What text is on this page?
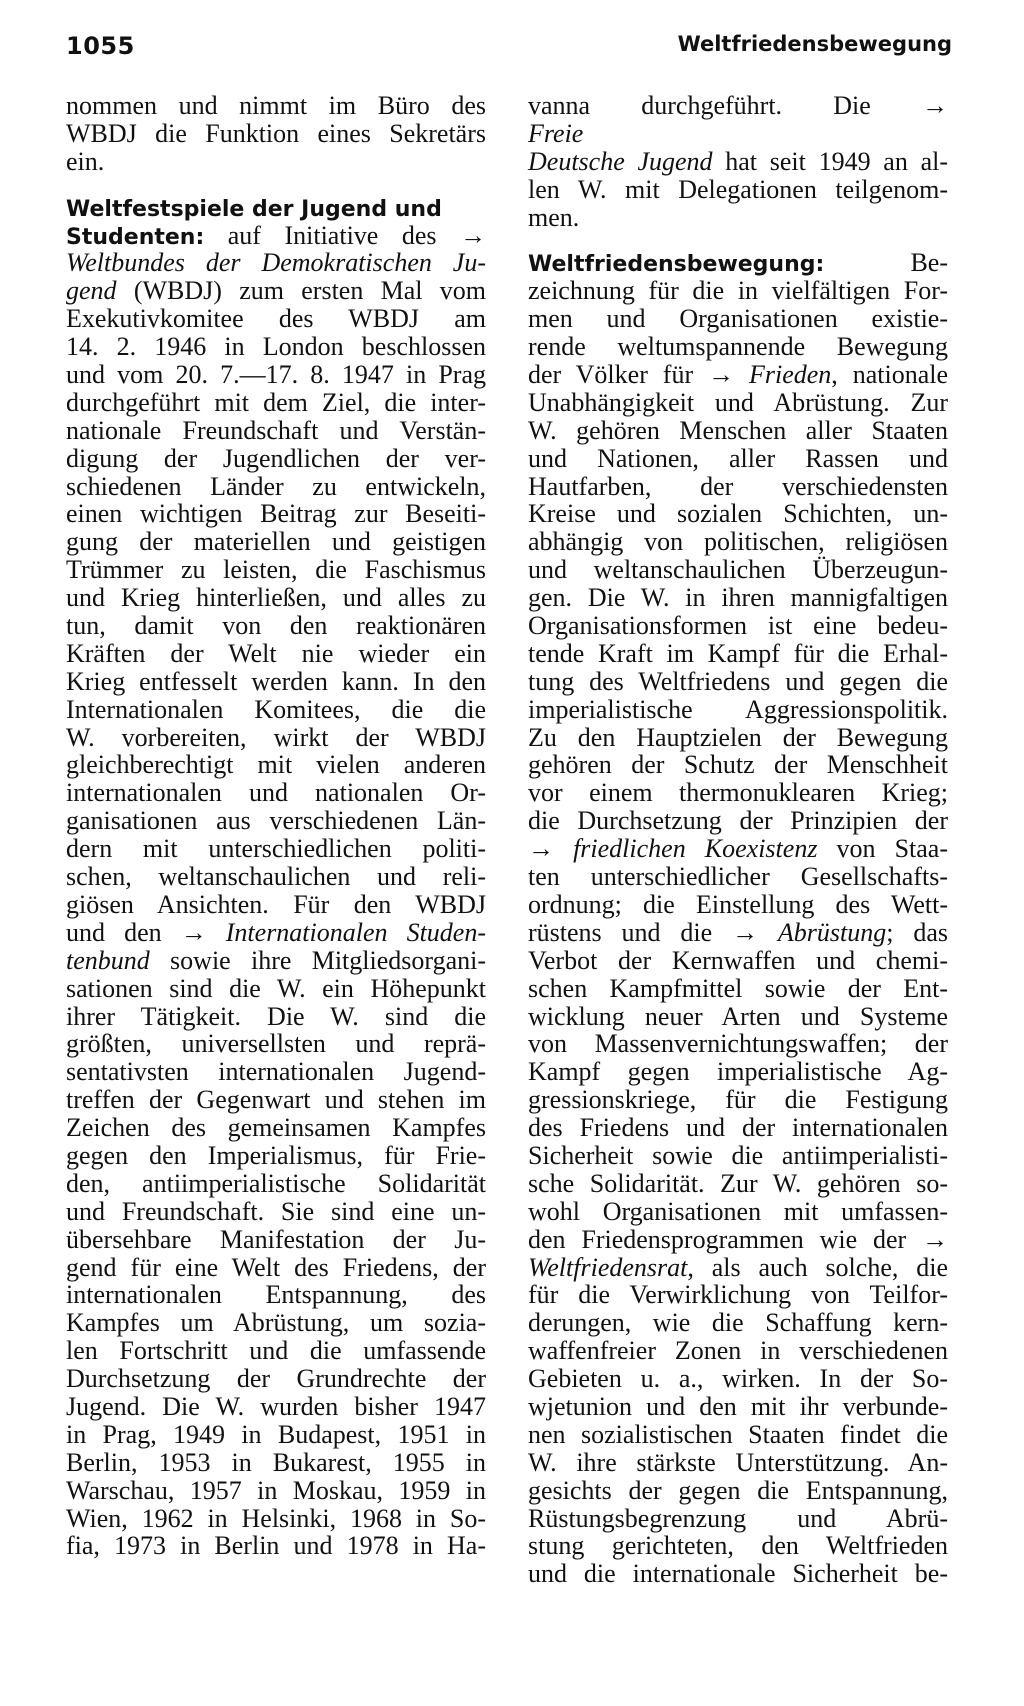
1055	Weltfriedensbewegung
nommen und nimmt im Büro des
WBDJ die Funktion eines Sekretärs
ein.
Weltfestspiele der Jugend und
Studenten: auf Initiative des →
Weltbundes der Demokratischen Ju-
gend (WBDJ) zum ersten Mal vom
Exekutivkomitee des WBDJ am
14. 2. 1946 in London beschlossen
und vom 20. 7.—17. 8. 1947 in Prag
durchgeführt mit dem Ziel, die inter-
nationale Freundschaft und Verstän-
digung der Jugendlichen der ver-
schiedenen Länder zu entwickeln,
einen wichtigen Beitrag zur Beseiti-
gung der materiellen und geistigen
Trümmer zu leisten, die Faschismus
und Krieg hinterließen, und alles zu
tun, damit von den reaktionären
Kräften der Welt nie wieder ein
Krieg entfesselt werden kann. In den
Internationalen Komitees, die die
W. vorbereiten, wirkt der WBDJ
gleichberechtigt mit vielen anderen
internationalen und nationalen Or-
ganisationen aus verschiedenen Län-
dern mit unterschiedlichen politi-
schen, weltanschaulichen und reli-
giösen Ansichten. Für den WBDJ
und den → Internationalen Studen-
tenbund sowie ihre Mitgliedsorgani-
sationen sind die W. ein Höhepunkt
ihrer Tätigkeit. Die W. sind die
größten, universellsten und reprä-
sentativsten internationalen Jugend-
treffen der Gegenwart und stehen im
Zeichen des gemeinsamen Kampfes
gegen den Imperialismus, für Frie-
den, antiimperialistische Solidarität
und Freundschaft. Sie sind eine un-
übersehbare Manifestation der Ju-
gend für eine Welt des Friedens, der
internationalen Entspannung, des
Kampfes um Abrüstung, um sozia-
len Fortschritt und die umfassende
Durchsetzung der Grundrechte der
Jugend. Die W. wurden bisher 1947
in Prag, 1949 in Budapest, 1951 in
Berlin, 1953 in Bukarest, 1955 in
Warschau, 1957 in Moskau, 1959 in
Wien, 1962 in Helsinki, 1968 in So-
fia, 1973 in Berlin und 1978 in Ha-
vanna durchgeführt. Die →
Freie
Deutsche Jugend hat seit 1949 an al-
len W. mit Delegationen teilgenom-
men.
Weltfriedensbewegung: Be-
zeichnung für die in vielfältigen For-
men und Organisationen existie-
rende weltumspannende Bewegung
der Völker für → Frieden, nationale
Unabhängigkeit und Abrüstung. Zur
W. gehören Menschen aller Staaten
und Nationen, aller Rassen und
Hautfarben, der verschiedensten
Kreise und sozialen Schichten, un-
abhängig von politischen, religiösen
und weltanschaulichen Überzeugun-
gen. Die W. in ihren mannigfaltigen
Organisationsformen ist eine bedeu-
tende Kraft im Kampf für die Erhal-
tung des Weltfriedens und gegen die
imperialistische Aggressionspolitik.
Zu den Hauptzielen der Bewegung
gehören der Schutz der Menschheit
vor einem thermonuklearen Krieg;
die Durchsetzung der Prinzipien der
→ friedlichen Koexistenz von Staa-
ten unterschiedlicher Gesellschafts-
ordnung; die Einstellung des Wett-
rüstens und die → Abrüstung; das
Verbot der Kernwaffen und chemi-
schen Kampfmittel sowie der Ent-
wicklung neuer Arten und Systeme
von Massenvernichtungswaffen; der
Kampf gegen imperialistische Ag-
gressionskriege, für die Festigung
des Friedens und der internationalen
Sicherheit sowie die antiimperialisti-
sche Solidarität. Zur W. gehören so-
wohl Organisationen mit umfassen-
den Friedensprogrammen wie der →
Weltfriedensrat, als auch solche, die
für die Verwirklichung von Teilfor-
derungen, wie die Schaffung kern-
waffenfreier Zonen in verschiedenen
Gebieten u. a., wirken. In der So-
wjetunion und den mit ihr verbunde-
nen sozialistischen Staaten findet die
W. ihre stärkste Unterstützung. An-
gesichts der gegen die Entspannung,
Rüstungsbegrenzung und Abrü-
stung gerichteten, den Weltfrieden
und die internationale Sicherheit be-
